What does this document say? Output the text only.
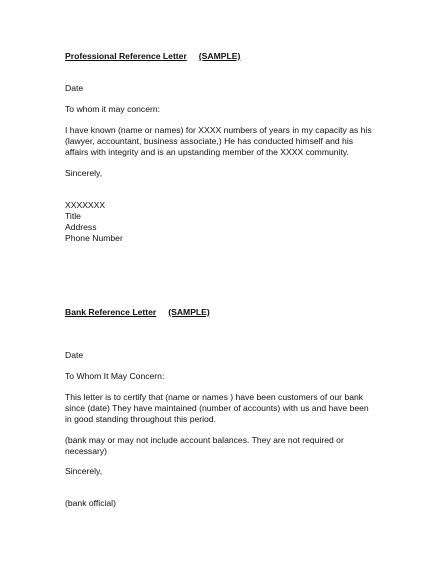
Professional Reference Letter (SAMPLE)
Date
To whom it may concern:
I have known (name or names) for XXXX numbers of years in my capacity as his
(lawyer, accountant, business associate,) He has conducted himself and his
affairs with integrity and is an upstanding member of the XXXX community.
Sincerely,
XXXXXXX
Title
Address
Phone Number
Bank Reference Letter (SAMPLE)
Date
To Whom It May Concern:
This letter is to certify that (name or names ) have been customers of our bank
since (date) They have maintained (number of accounts) with us and have been
in good standing throughout this period.
(bank may or may not include account balances. They are not required or
necessary)
Sincerely,
(bank official)
